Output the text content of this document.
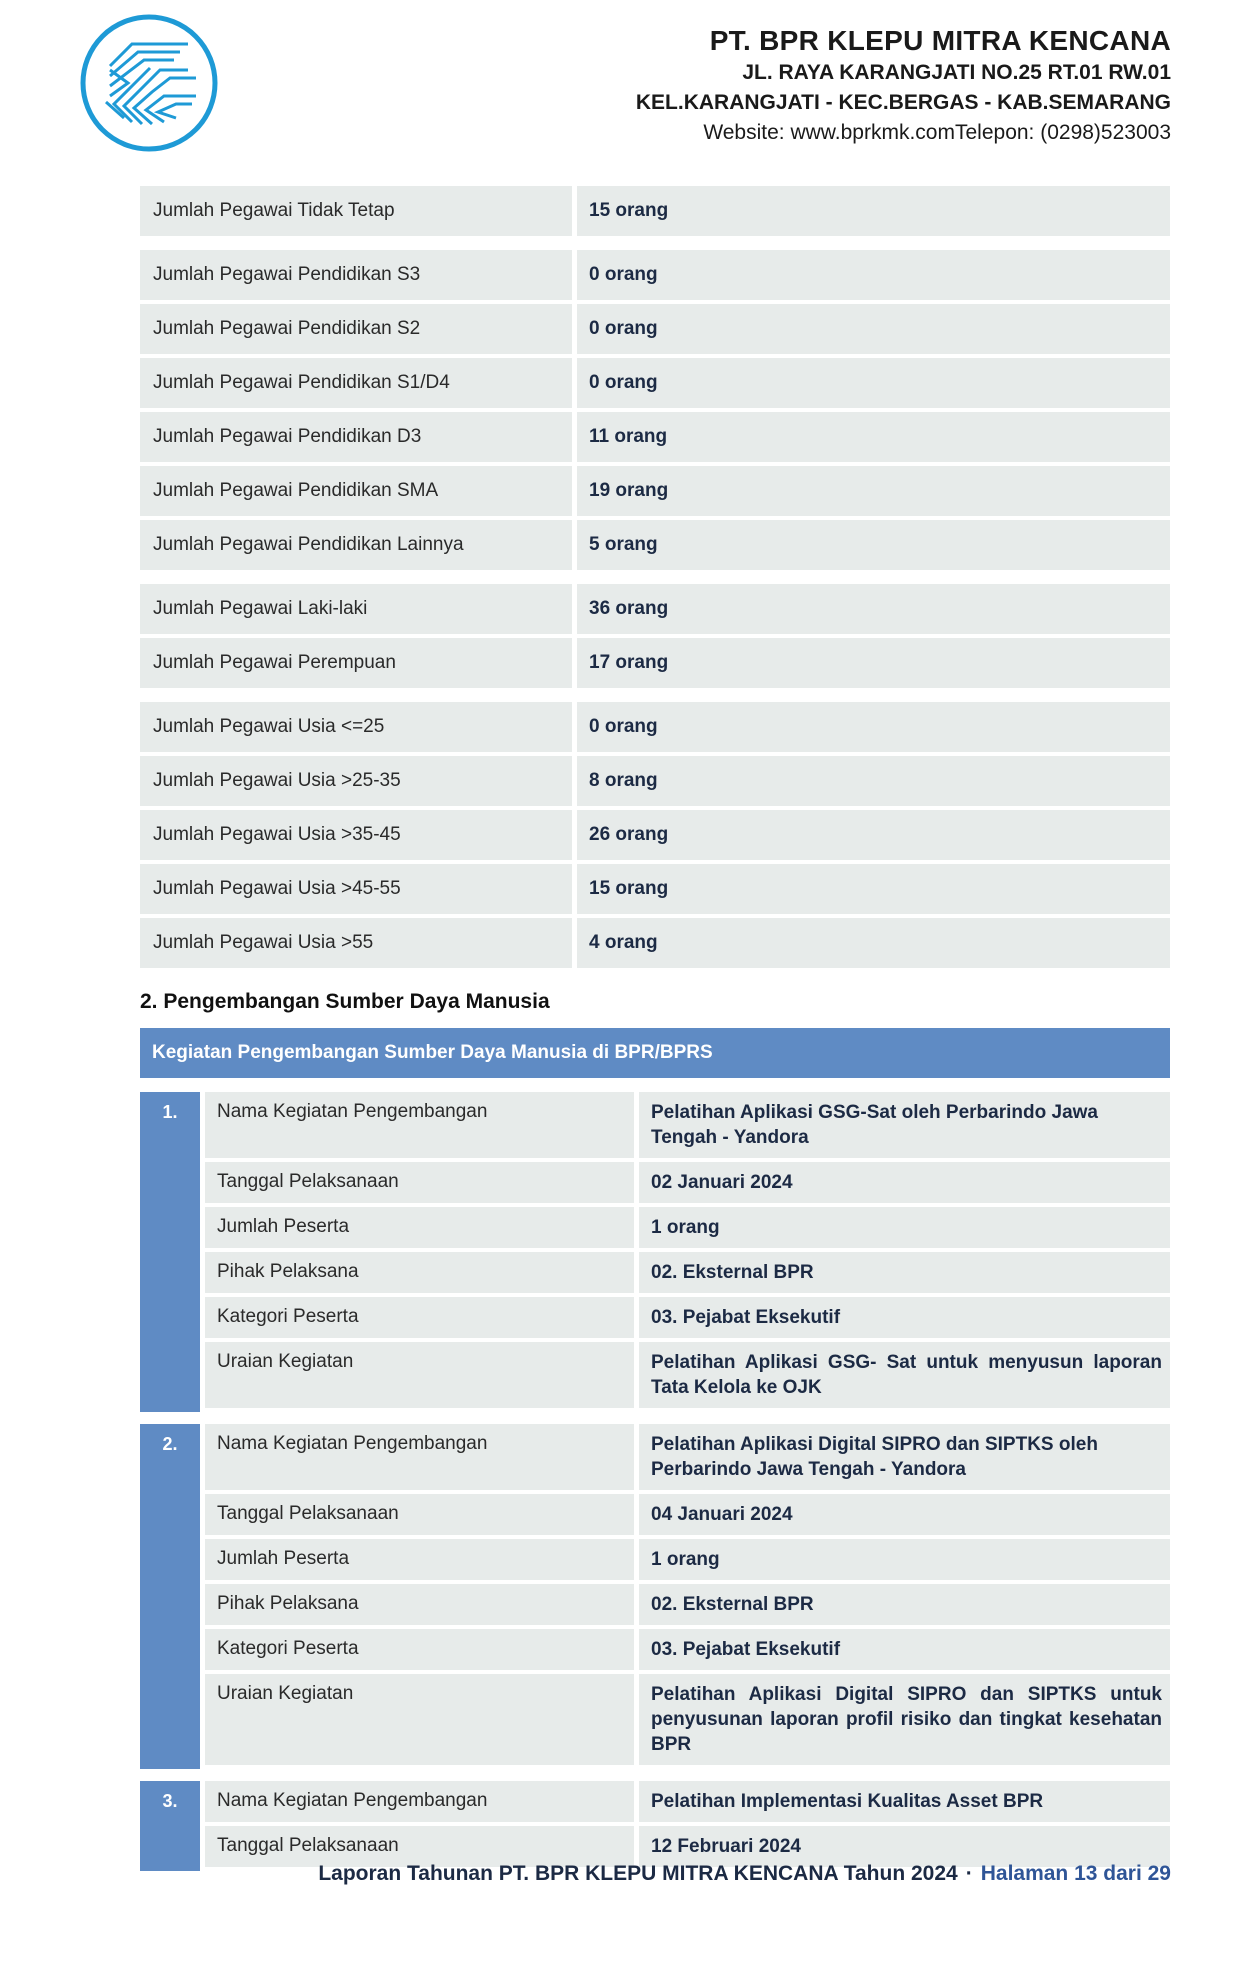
PT. BPR KLEPU MITRA KENCANA
JL. RAYA KARANGJATI NO.25 RT.01 RW.01
KEL.KARANGJATI - KEC.BERGAS - KAB.SEMARANG
Website: www.bprkmk.comTelepon: (0298)523003
Jumlah Pegawai Tidak Tetap	15 orang
Jumlah Pegawai Pendidikan S3	0 orang
Jumlah Pegawai Pendidikan S2	0 orang
Jumlah Pegawai Pendidikan S1/D4	0 orang
Jumlah Pegawai Pendidikan D3	11 orang
Jumlah Pegawai Pendidikan SMA	19 orang
Jumlah Pegawai Pendidikan Lainnya	5 orang
Jumlah Pegawai Laki-laki	36 orang
Jumlah Pegawai Perempuan	17 orang
Jumlah Pegawai Usia <=25	0 orang
Jumlah Pegawai Usia >25-35	8 orang
Jumlah Pegawai Usia >35-45	26 orang
Jumlah Pegawai Usia >45-55	15 orang
Jumlah Pegawai Usia >55	4 orang
2. Pengembangan Sumber Daya Manusia
Kegiatan Pengembangan Sumber Daya Manusia di BPR/BPRS
1.	Nama Kegiatan Pengembangan	Pelatihan Aplikasi GSG-Sat oleh Perbarindo Jawa Tengah - Yandora
Tanggal Pelaksanaan	02 Januari 2024
Jumlah Peserta	1 orang
Pihak Pelaksana	02. Eksternal BPR
Kategori Peserta	03. Pejabat Eksekutif
Uraian Kegiatan	Pelatihan Aplikasi GSG- Sat untuk menyusun laporan Tata Kelola ke OJK
2.	Nama Kegiatan Pengembangan	Pelatihan Aplikasi Digital SIPRO dan SIPTKS oleh Perbarindo Jawa Tengah - Yandora
Tanggal Pelaksanaan	04 Januari 2024
Jumlah Peserta	1 orang
Pihak Pelaksana	02. Eksternal BPR
Kategori Peserta	03. Pejabat Eksekutif
Uraian Kegiatan	Pelatihan Aplikasi Digital SIPRO dan SIPTKS untuk penyusunan laporan profil risiko dan tingkat kesehatan BPR
3.	Nama Kegiatan Pengembangan	Pelatihan Implementasi Kualitas Asset BPR
Tanggal Pelaksanaan	12 Februari 2024
Laporan Tahunan PT. BPR KLEPU MITRA KENCANA Tahun 2024 · Halaman 13 dari 29
